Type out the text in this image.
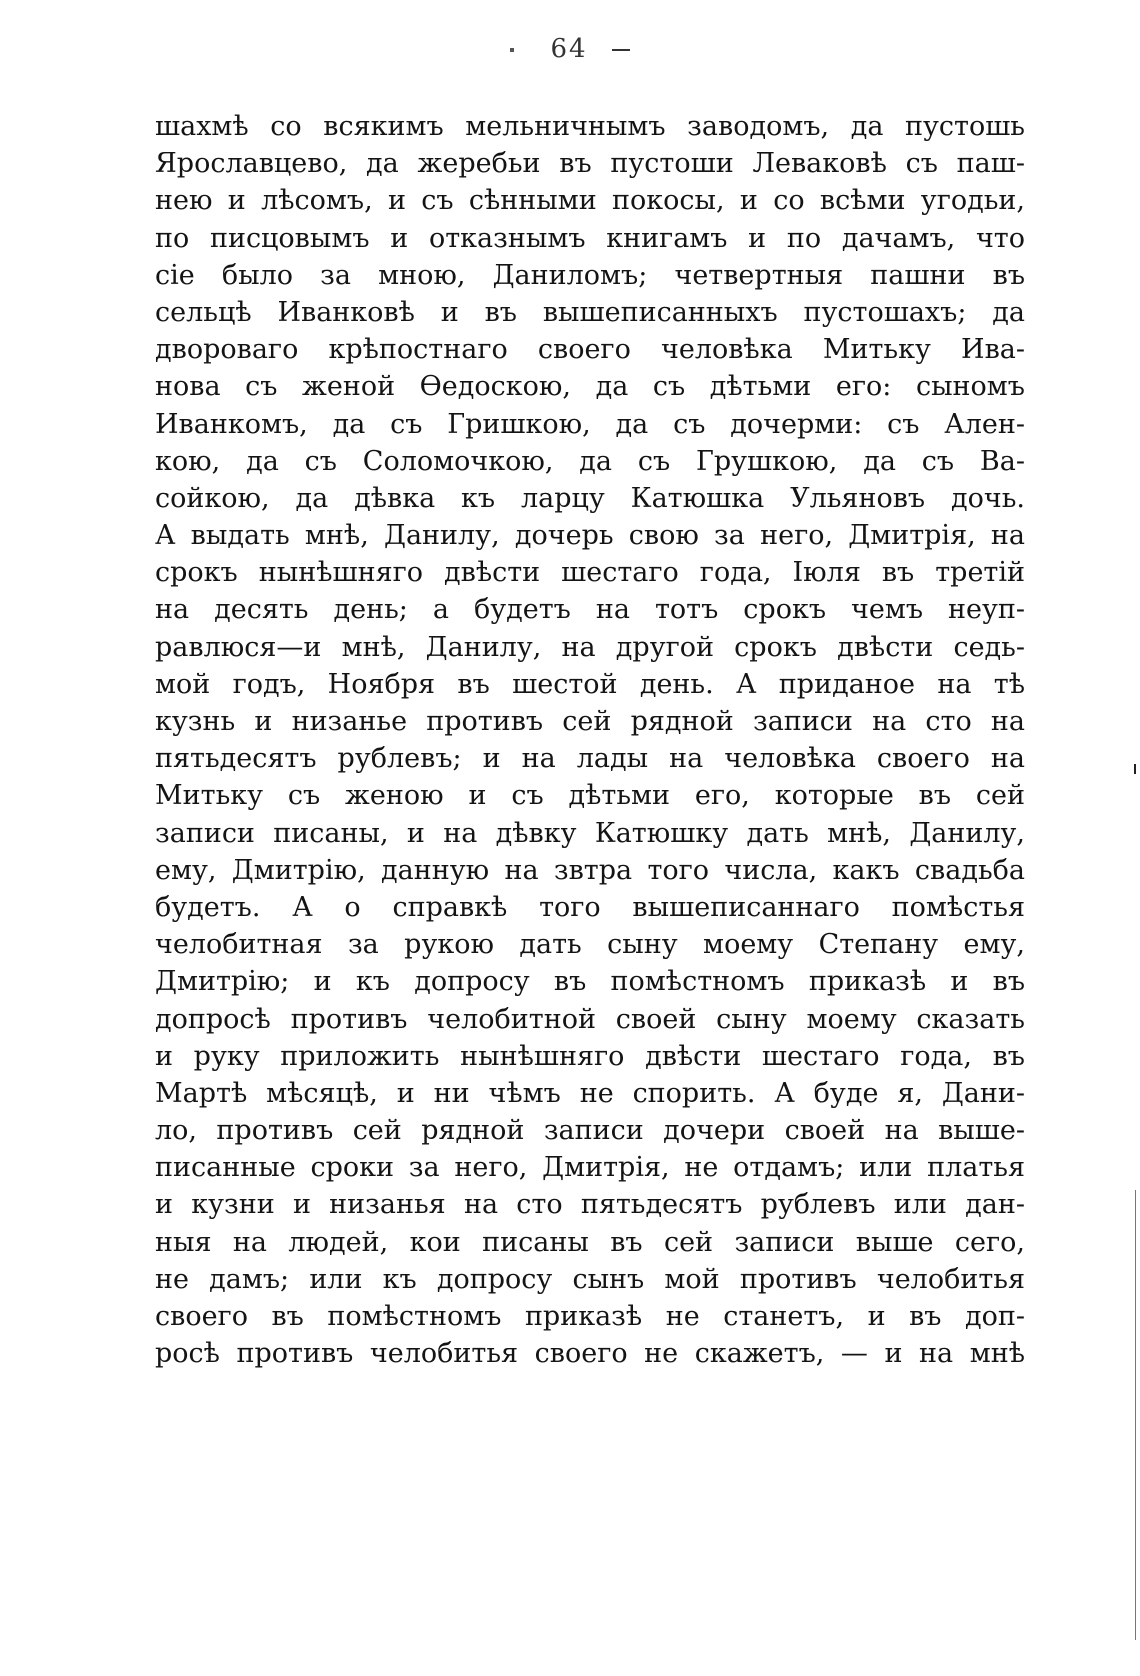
64
шахмѣ со всякимъ мельничнымъ заводомъ, да пустошь
Ярославцево, да жеребьи въ пустоши Леваковѣ съ паш-
нею и лѣсомъ, и съ сѣнными покосы, и со всѣми угодьи,
по писцовымъ и отказнымъ книгамъ и по дачамъ, что
сіе было за мною, Даниломъ; четвертныя пашни въ
сельцѣ Иванковѣ и въ вышеписанныхъ пустошахъ; да
двороваго крѣпостнаго своего человѣка Митьку Ива-
нова съ женой Ѳедоскою, да съ дѣтьми его: сыномъ
Иванкомъ, да съ Гришкою, да съ дочерми: съ Ален-
кою, да съ Соломочкою, да съ Грушкою, да съ Ва-
сойкою, да дѣвка къ ларцу Катюшка Ульяновъ дочь.
А выдать мнѣ, Данилу, дочерь свою за него, Дмитрія, на
срокъ нынѣшняго двѣсти шестаго года, Іюля въ третій
на десять день; а будетъ на тотъ срокъ чемъ неуп-
равлюся—и мнѣ, Данилу, на другой срокъ двѣсти седь-
мой годъ, Ноября въ шестой день. А приданое на тѣ
кузнь и низанье противъ сей рядной записи на сто на
пятьдесятъ рублевъ; и на лады на человѣка своего на
Митьку съ женою и съ дѣтьми его, которые въ сей
записи писаны, и на дѣвку Катюшку дать мнѣ, Данилу,
ему, Дмитрію, данную на звтра того числа, какъ свадьба
будетъ. А о справкѣ того вышеписаннаго помѣстья
челобитная за рукою дать сыну моему Степану ему,
Дмитрію; и къ допросу въ помѣстномъ приказѣ и въ
допросѣ противъ челобитной своей сыну моему сказать
и руку приложить нынѣшняго двѣсти шестаго года, въ
Мартѣ мѣсяцѣ, и ни чѣмъ не спорить. А буде я, Дани-
ло, противъ сей рядной записи дочери своей на выше-
писанные сроки за него, Дмитрія, не отдамъ; или платья
и кузни и низанья на сто пятьдесятъ рублевъ или дан-
ныя на людей, кои писаны въ сей записи выше сего,
не дамъ; или къ допросу сынъ мой противъ челобитья
своего въ помѣстномъ приказѣ не станетъ, и въ доп-
росѣ противъ челобитья своего не скажетъ, — и на мнѣ
